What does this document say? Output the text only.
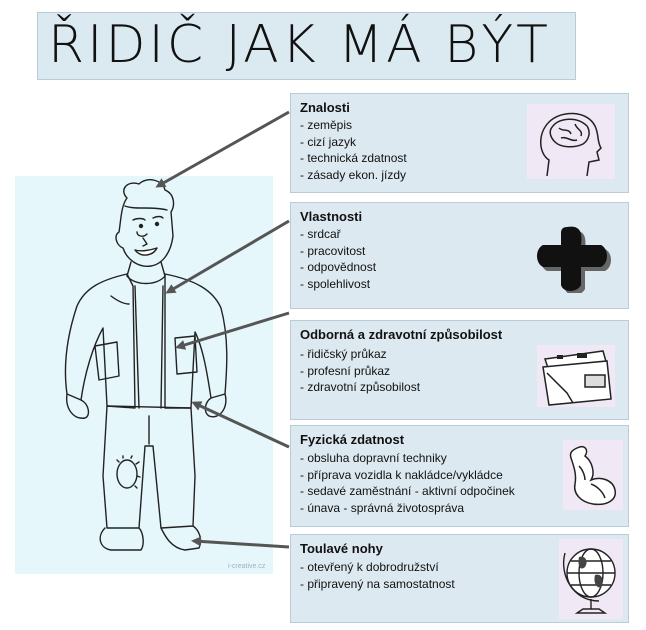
ŘIDIČ JAK MÁ BÝT
i-creative.cz
Znalosti
- zeměpis
- cizí jazyk
- technická zdatnost
- zásady ekon. jízdy
Vlastnosti
- srdcař
- pracovitost
- odpovědnost
- spolehlivost
Odborná a zdravotní způsobilost
- řidičský průkaz
- profesní průkaz
- zdravotní způsobilost
Fyzická zdatnost
- obsluha dopravní techniky
- příprava vozidla k nakládce/vykládce
- sedavé zaměstnání - aktivní odpočinek
- únava - správná životospráva
Toulavé nohy
- otevřený k dobrodružství
- připravený na samostatnost
